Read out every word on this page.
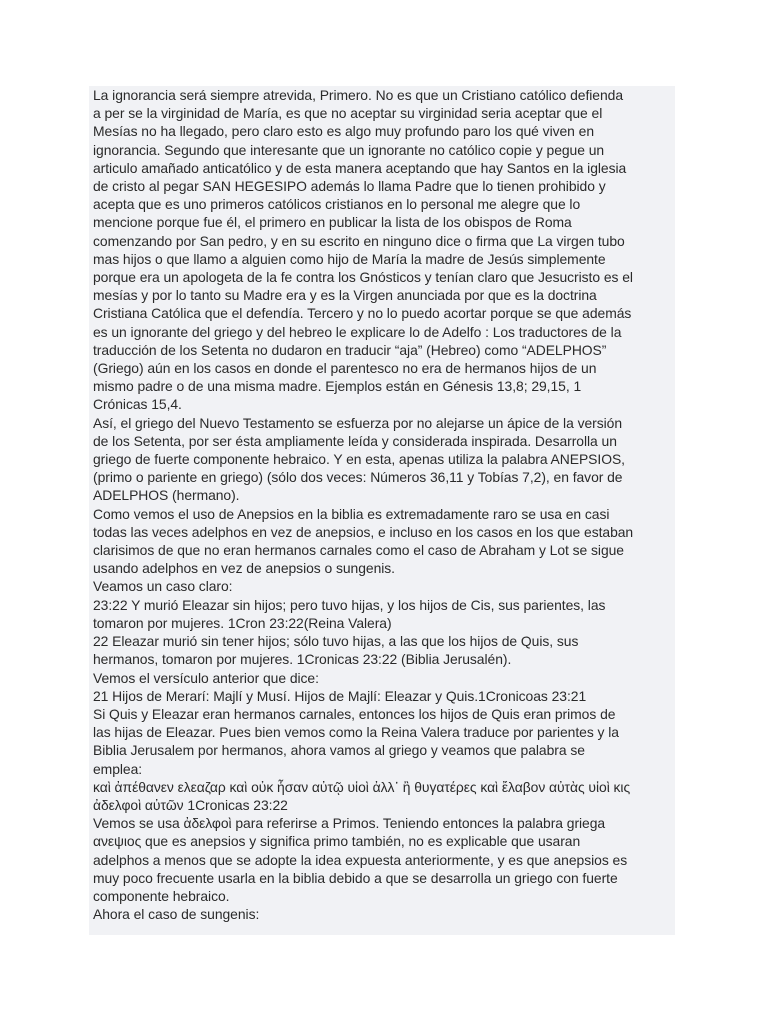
La ignorancia será siempre atrevida, Primero. No es que un Cristiano católico defienda
a per se la virginidad de María, es que no aceptar su virginidad seria aceptar que el
Mesías no ha llegado, pero claro esto es algo muy profundo paro los qué viven en
ignorancia. Segundo que interesante que un ignorante no católico copie y pegue un
articulo amañado anticatólico y de esta manera aceptando que hay Santos en la iglesia
de cristo al pegar SAN HEGESIPO además lo llama Padre que lo tienen prohibido y
acepta que es uno primeros católicos cristianos en lo personal me alegre que lo
mencione porque fue él, el primero en publicar la lista de los obispos de Roma
comenzando por San pedro, y en su escrito en ninguno dice o firma que La virgen tubo
mas hijos o que llamo a alguien como hijo de María la madre de Jesús simplemente
porque era un apologeta de la fe contra los Gnósticos y tenían claro que Jesucristo es el
mesías y por lo tanto su Madre era y es la Virgen anunciada por que es la doctrina
Cristiana Católica que el defendía. Tercero y no lo puedo acortar porque se que además
es un ignorante del griego y del hebreo le explicare lo de Adelfo : Los traductores de la
traducción de los Setenta no dudaron en traducir “aja” (Hebreo) como “ADELPHOS”
(Griego) aún en los casos en donde el parentesco no era de hermanos hijos de un
mismo padre o de una misma madre. Ejemplos están en Génesis 13,8; 29,15, 1
Crónicas 15,4.
Así, el griego del Nuevo Testamento se esfuerza por no alejarse un ápice de la versión
de los Setenta, por ser ésta ampliamente leída y considerada inspirada. Desarrolla un
griego de fuerte componente hebraico. Y en esta, apenas utiliza la palabra ANEPSIOS,
(primo o pariente en griego) (sólo dos veces: Números 36,11 y Tobías 7,2), en favor de
ADELPHOS (hermano).
Como vemos el uso de Anepsios en la biblia es extremadamente raro se usa en casi
todas las veces adelphos en vez de anepsios, e incluso en los casos en los que estaban
clarisimos de que no eran hermanos carnales como el caso de Abraham y Lot se sigue
usando adelphos en vez de anepsios o sungenis.
Veamos un caso claro:
23:22 Y murió Eleazar sin hijos; pero tuvo hijas, y los hijos de Cis, sus parientes, las
tomaron por mujeres. 1Cron 23:22(Reina Valera)
22 Eleazar murió sin tener hijos; sólo tuvo hijas, a las que los hijos de Quis, sus
hermanos, tomaron por mujeres. 1Cronicas 23:22 (Biblia Jerusalén).
Vemos el versículo anterior que dice:
21 Hijos de Merarí: Majlí y Musí. Hijos de Majlí: Eleazar y Quis.1Cronicoas 23:21
Si Quis y Eleazar eran hermanos carnales, entonces los hijos de Quis eran primos de
las hijas de Eleazar. Pues bien vemos como la Reina Valera traduce por parientes y la
Biblia Jerusalem por hermanos, ahora vamos al griego y veamos que palabra se
emplea:
καὶ ἀπέθανεν ελεαζαρ καὶ οὐκ ἦσαν αὐτῷ υἱοὶ ἀλλ᾽ ἢ θυγατέρες καὶ ἔλαβον αὐτὰς υἱοὶ κις
ἀδελφοὶ αὐτῶν 1Cronicas 23:22
Vemos se usa ἀδελφοὶ para referirse a Primos. Teniendo entonces la palabra griega
ανεψιος que es anepsios y significa primo también, no es explicable que usaran
adelphos a menos que se adopte la idea expuesta anteriormente, y es que anepsios es
muy poco frecuente usarla en la biblia debido a que se desarrolla un griego con fuerte
componente hebraico.
Ahora el caso de sungenis:
